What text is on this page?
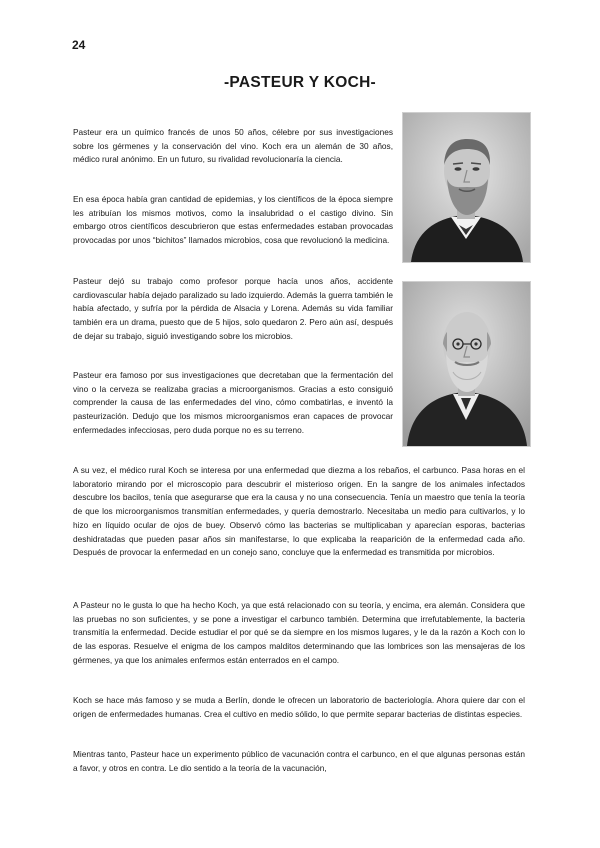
24
-PASTEUR Y KOCH-

Pasteur era un químico francés de unos 50 años, célebre por sus investigaciones sobre los gérmenes y la conservación del vino. Koch era un alemán de 30 años, médico rural anónimo. En un futuro, su rivalidad revolucionaría la ciencia.

En esa época había gran cantidad de epidemias, y los científicos de la época siempre les atribuían los mismos motivos, como la insalubridad o el castigo divino. Sin embargo otros científicos descubrieron que estas enfermedades estaban provocadas provocadas por unos “bichitos” llamados microbios, cosa que revolucionó la medicina.

Pasteur dejó su trabajo como profesor porque hacía unos años, accidente cardiovascular había dejado paralizado su lado izquierdo. Además la guerra también le había afectado, y sufría por la pérdida de Alsacia y Lorena. Además su vida familiar también era un drama, puesto que de 5 hijos, solo quedaron 2. Pero aún así, después de dejar su trabajo, siguió investigando sobre los microbios.

Pasteur era famoso por sus investigaciones que decretaban que la fermentación del vino o la cerveza se realizaba gracias a microorganismos. Gracias a esto consiguió comprender la causa de las enfermedades del vino, cómo combatirlas, e inventó la pasteurización. Dedujo que los mismos microorganismos eran capaces de provocar enfermedades infecciosas, pero duda porque no es su terreno.

A su vez, el médico rural Koch se interesa por una enfermedad que diezma a los rebaños, el carbunco. Pasa horas en el laboratorio mirando por el microscopio para descubrir el misterioso origen. En la sangre de los animales infectados descubre los bacilos, tenía que asegurarse que era la causa y no una consecuencia. Tenía un maestro que tenía la teoría de que los microorganismos transmitían enfermedades, y quería demostrarlo. Necesitaba un medio para cultivarlos, y lo hizo en líquido ocular de ojos de buey. Observó cómo las bacterias se multiplicaban y aparecían esporas, bacterias deshidratadas que pueden pasar años sin manifestarse, lo que explicaba la reaparición de la enfermedad cada año. Después de provocar la enfermedad en un conejo sano, concluye que la enfermedad es transmitida por microbios.

A Pasteur no le gusta lo que ha hecho Koch, ya que está relacionado con su teoría, y encima, era alemán. Considera que las pruebas no son suficientes, y se pone a investigar el carbunco también. Determina que irrefutablemente, la bacteria transmitía la enfermedad. Decide estudiar el por qué se da siempre en los mismos lugares, y le da la razón a Koch con lo de las esporas. Resuelve el enigma de los campos malditos determinando que las lombrices son las mensajeras de los gérmenes, ya que los animales enfermos están enterrados en el campo.

Koch se hace más famoso y se muda a Berlín, donde le ofrecen un laboratorio de bacteriología. Ahora quiere dar con el origen de enfermedades humanas. Crea el cultivo en medio sólido, lo que permite separar bacterias de distintas especies.

Mientras tanto, Pasteur hace un experimento público de vacunación contra el carbunco, en el que algunas personas están a favor, y otros en contra. Le dio sentido a la teoría de la vacunación,
